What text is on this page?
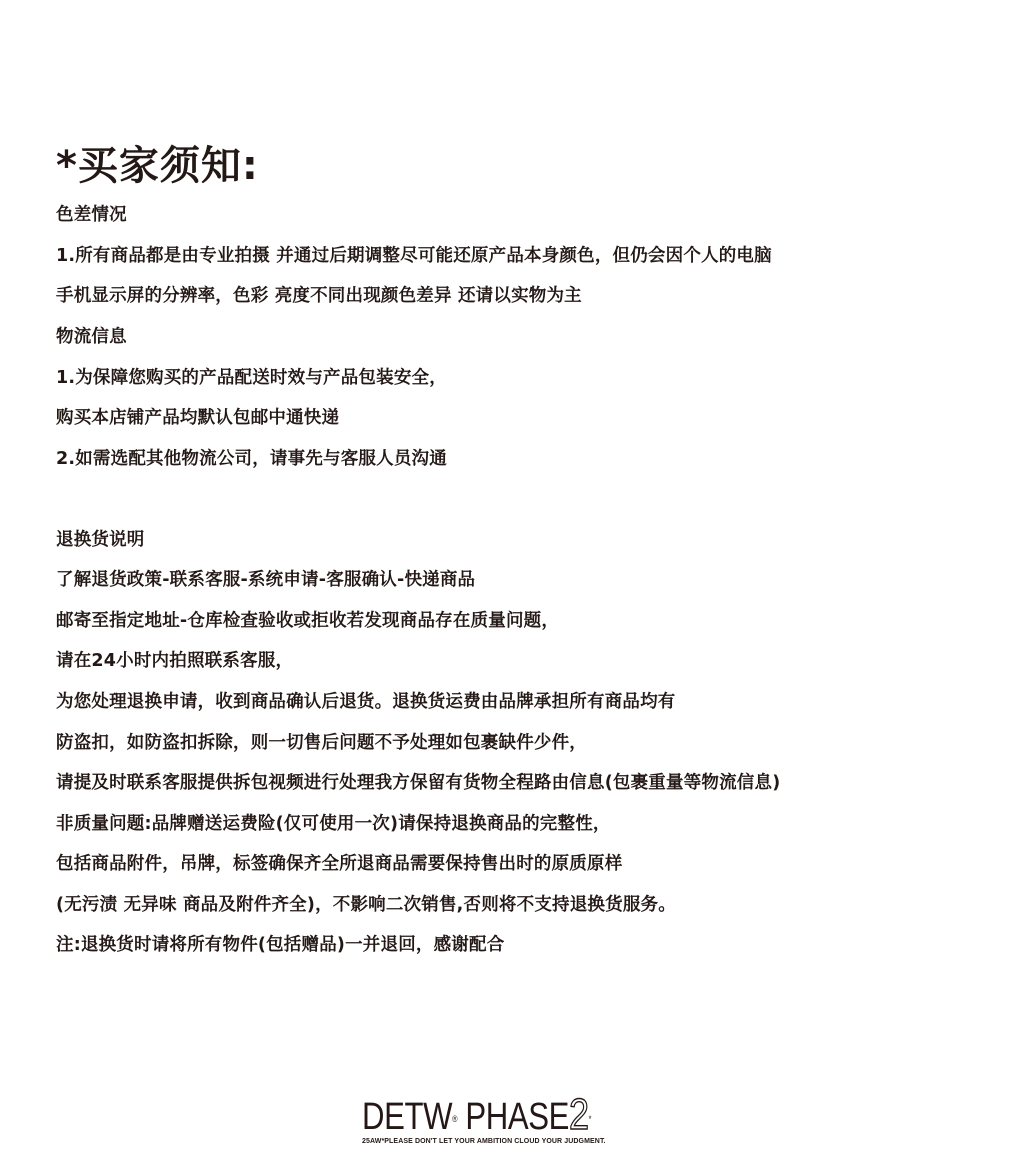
*买家须知:
色差情况
1.所有商品都是由专业拍摄 并通过后期调整尽可能还原产品本身颜色，但仍会因个人的电脑
手机显示屏的分辨率，色彩 亮度不同出现颜色差异 还请以实物为主
物流信息
1.为保障您购买的产品配送时效与产品包装安全，
购买本店铺产品均默认包邮中通快递
2.如需选配其他物流公司，请事先与客服人员沟通
退换货说明
了解退货政策-联系客服-系统申请-客服确认-快递商品
邮寄至指定地址-仓库检查验收或拒收若发现商品存在质量问题，
请在24小时内拍照联系客服，
为您处理退换申请，收到商品确认后退货。退换货运费由品牌承担所有商品均有
防盗扣，如防盗扣拆除，则一切售后问题不予处理如包裹缺件少件，
请提及时联系客服提供拆包视频进行处理我方保留有货物全程路由信息(包裹重量等物流信息)
非质量问题:品牌赠送运费险(仅可使用一次)请保持退换商品的完整性，
包括商品附件，吊牌，标签确保齐全所退商品需要保持售出时的原质原样
(无污渍 无异味 商品及附件齐全)，不影响二次销售,否则将不支持退换货服务。
注:退换货时请将所有物件(包括赠品)一并退回，感谢配合
DETW® PHASE2*
25AW*PLEASE DON'T LET YOUR AMBITION CLOUD YOUR JUDGMENT.
